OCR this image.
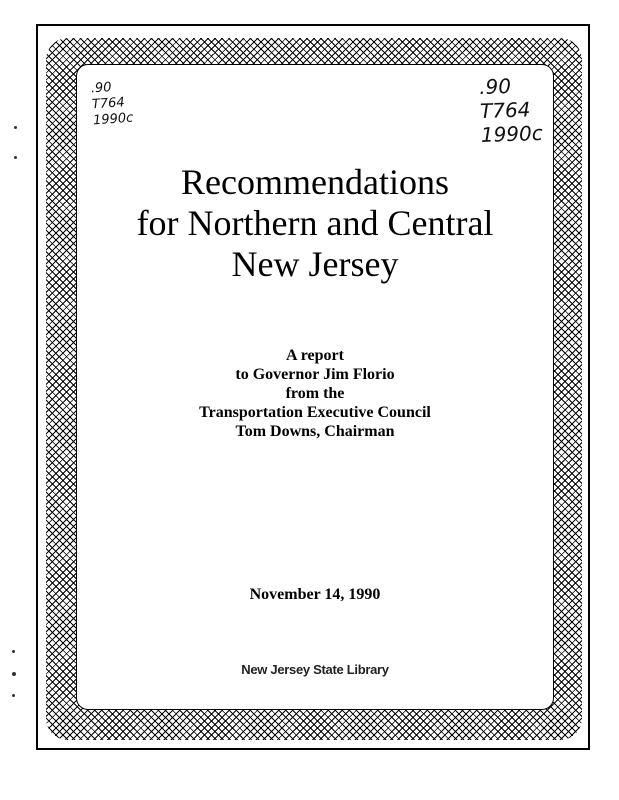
.90
T764
1990c
.90
T764
1990c
Recommendations
for Northern and Central
New Jersey
A report
to Governor Jim Florio
from the
Transportation Executive Council
Tom Downs, Chairman
November 14, 1990
New Jersey State Library
